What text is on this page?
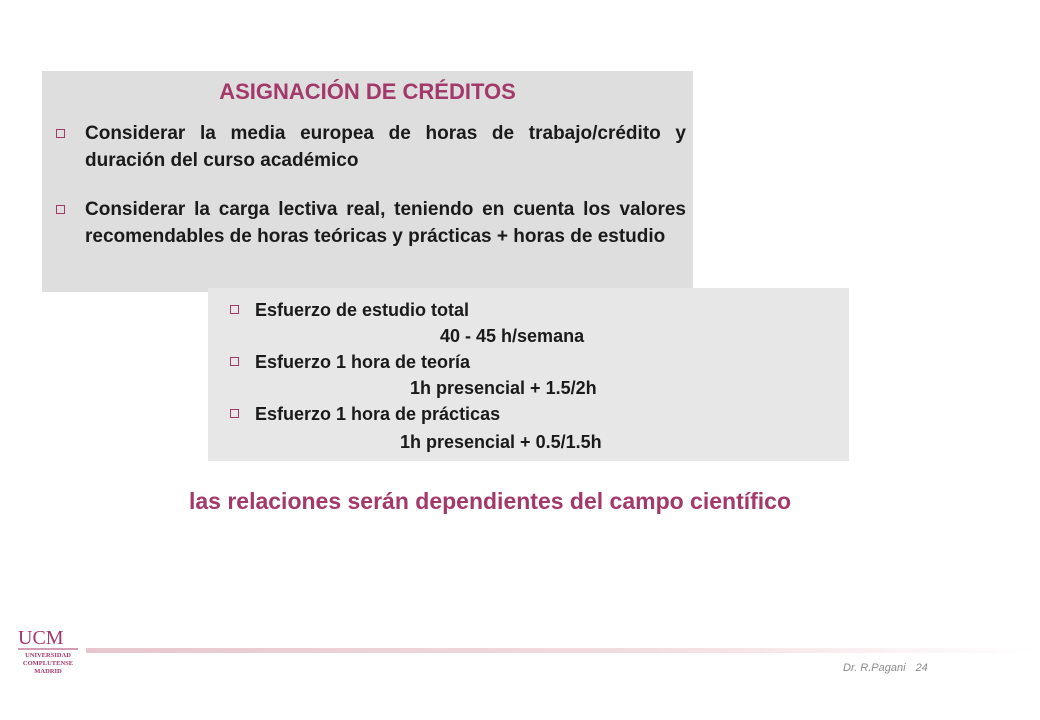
ASIGNACIÓN DE CRÉDITOS
Considerar la media europea de horas de trabajo/crédito y duración del curso académico
Considerar la carga lectiva real, teniendo en cuenta los valores recomendables de horas teóricas y prácticas + horas de estudio
Esfuerzo de estudio total
40 - 45 h/semana
Esfuerzo 1 hora de teoría
1h presencial + 1.5/2h
Esfuerzo 1 hora de prácticas
1h presencial + 0.5/1.5h
las relaciones serán dependientes del campo científico
UCM
UNIVERSIDAD
COMPLUTENSE
MADRID	Dr. R.Pagani 24
